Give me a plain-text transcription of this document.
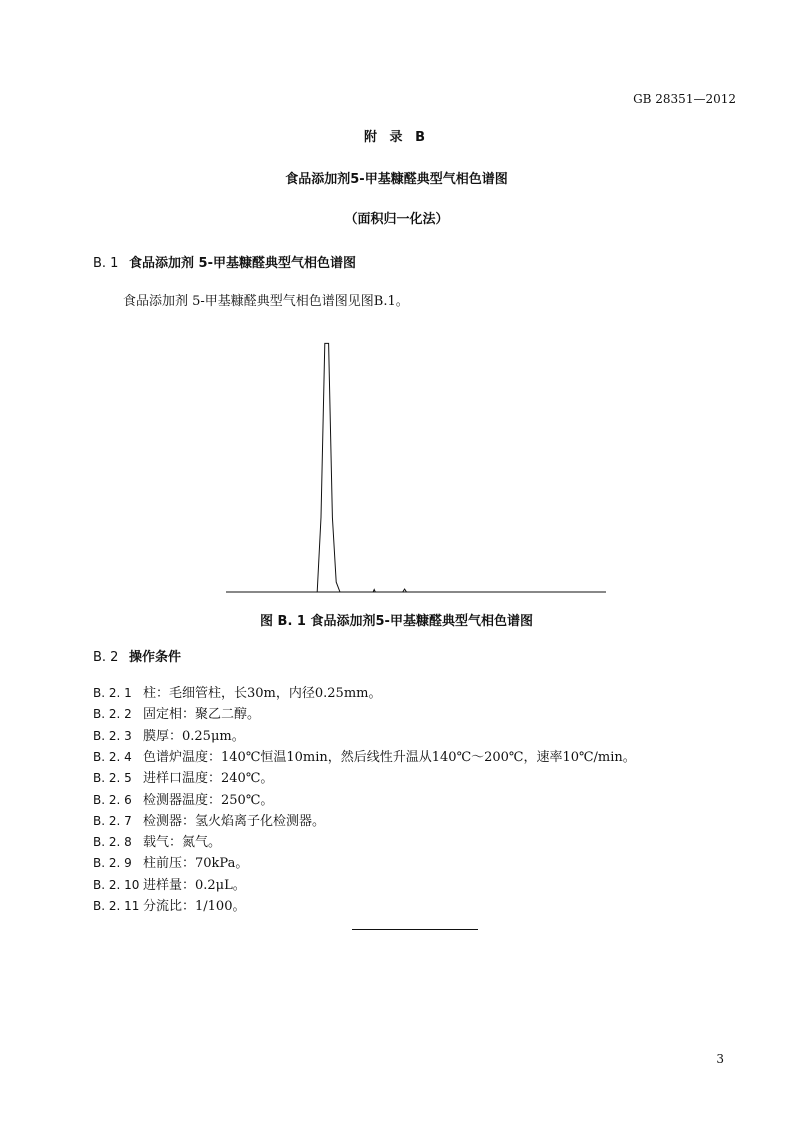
GB 28351—2012
附 录 B
食品添加剂5-甲基糠醛典型气相色谱图
（面积归一化法）
B. 1 食品添加剂 5-甲基糠醛典型气相色谱图
食品添加剂 5-甲基糠醛典型气相色谱图见图B.1。
图 B. 1 食品添加剂5-甲基糠醛典型气相色谱图
B. 2 操作条件
B. 2. 1 柱：毛细管柱，长30m，内径0.25mm。
B. 2. 2 固定相：聚乙二醇。
B. 2. 3 膜厚：0.25μm。
B. 2. 4 色谱炉温度：140℃恒温10min，然后线性升温从140℃～200℃，速率10℃/min。
B. 2. 5 进样口温度：240℃。
B. 2. 6 检测器温度：250℃。
B. 2. 7 检测器：氢火焰离子化检测器。
B. 2. 8 载气：氮气。
B. 2. 9 柱前压：70kPa。
B. 2. 10 进样量：0.2μL。
B. 2. 11 分流比：1/100。
3
